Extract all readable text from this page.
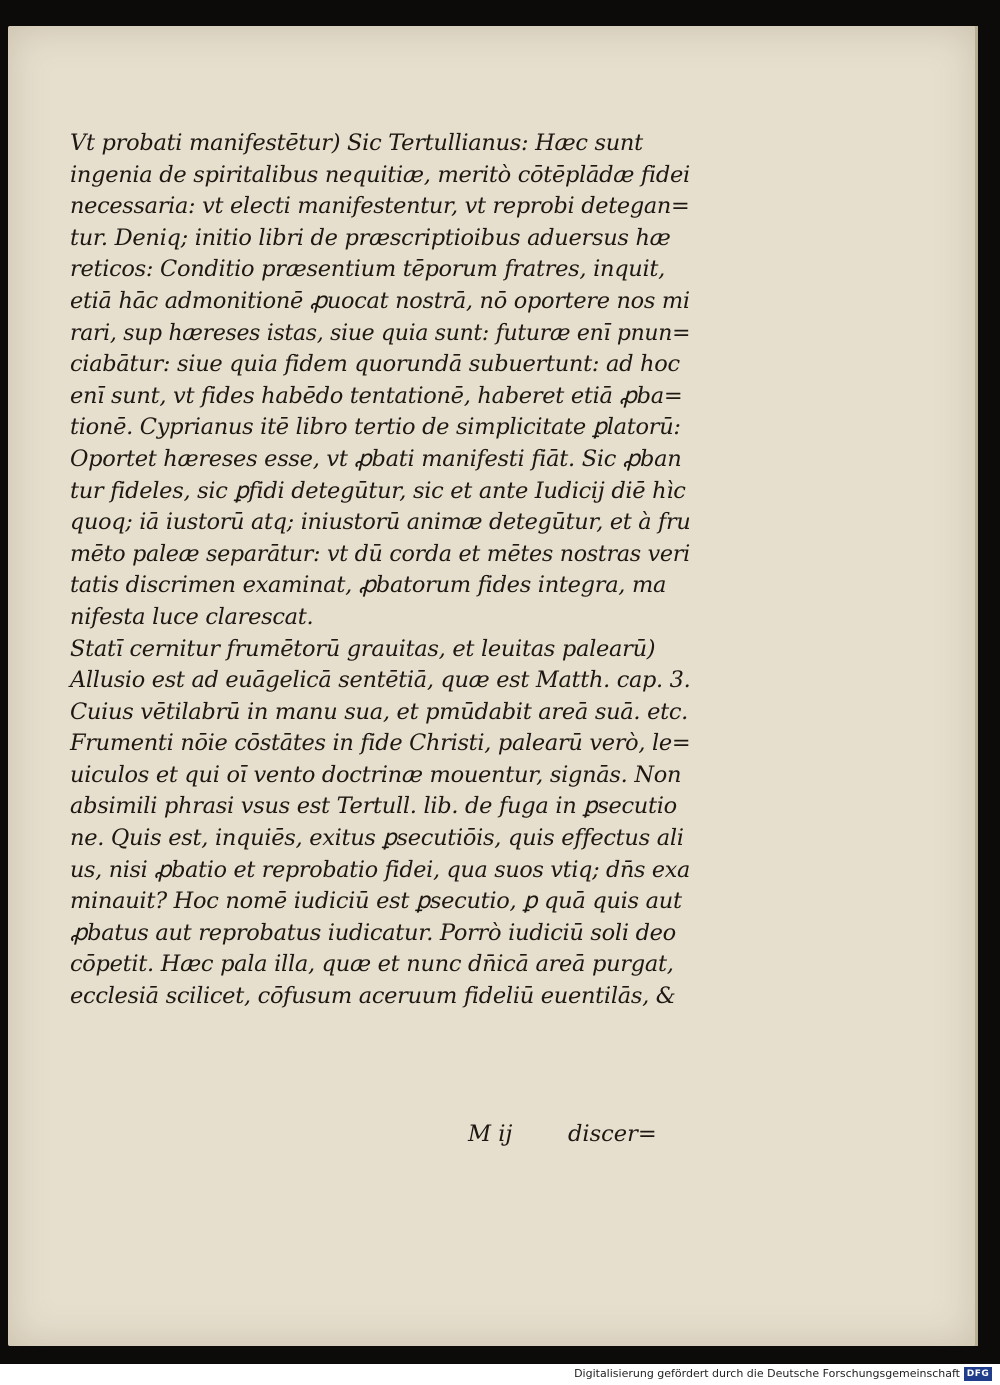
Vt probati manifestētur) Sic Tertullianus: Hæc sunt
ingenia de spiritalibus nequitiæ, meritò cōtēplādæ fidei
necessaria: vt electi manifestentur, vt reprobi detegan=
tur. Deniq; initio libri de præscriptioibus aduersus hæ
reticos: Conditio præsentium tēporum fratres, inquit,
etiā hāc admonitionē ꝓuocat nostrā, nō oportere nos mi
rari, sup hæreses istas, siue quia sunt: futuræ enī pnun=
ciabātur: siue quia fidem quorundā subuertunt: ad hoc
enī sunt, vt fides habēdo tentationē, haberet etiā ꝓba=
tionē. Cyprianus itē libro tertio de simplicitate ꝑlatorū:
Oportet hæreses esse, vt ꝓbati manifesti fiāt. Sic ꝓban
tur fideles, sic ꝑfidi detegūtur, sic et ante Iudicij diē hìc
quoq; iā iustorū atq; iniustorū animæ detegūtur, et à fru
mēto paleæ separātur: vt dū corda et mētes nostras veri
tatis discrimen examinat, ꝓbatorum fides integra, ma
nifesta luce clarescat.
Statī cernitur frumētorū grauitas, et leuitas palearū)
Allusio est ad euāgelicā sentētiā, quæ est Matth. cap. 3.
Cuius vētilabrū in manu sua, et pmūdabit areā suā. etc.
Frumenti nōie cōstātes in fide Christi, palearū verò, le=
uiculos et qui oī vento doctrinæ mouentur, signās. Non
absimili phrasi vsus est Tertull. lib. de fuga in ꝑsecutio
ne. Quis est, inquiēs, exitus ꝑsecutiōis, quis effectus ali
us, nisi ꝓbatio et reprobatio fidei, qua suos vtiq; dn̄s exa
minauit? Hoc nomē iudiciū est ꝑsecutio, ꝑ quā quis aut
ꝓbatus aut reprobatus iudicatur. Porrò iudiciū soli deo
cōpetit. Hæc pala illa, quæ et nunc dn̄icā areā purgat,
ecclesiā scilicet, cōfusum aceruum fideliū euentilās, &
M ij discer=
Digitalisierung gefördert durch die Deutsche Forschungsgemeinschaft DFG
